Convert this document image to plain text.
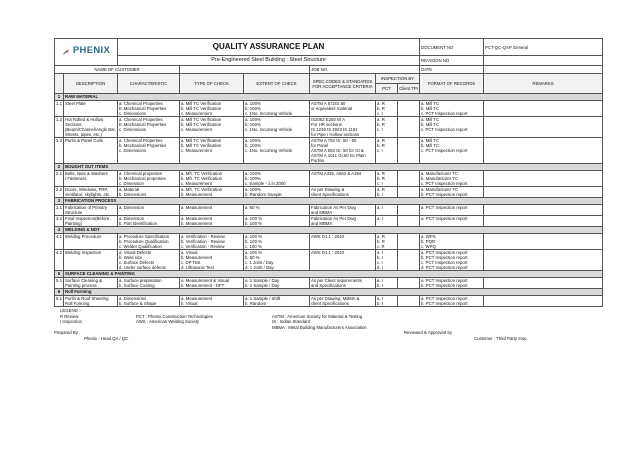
PHENIX		QUALITY ASSURANCE PLAN						DOCUMENT NO	PCT-QC-QAP General
		Pre-Engineered Steel Building : Steel Structure						REVISION NO	
NAME OF CUSTOMER					JOB NO.			DATE	:
	DESCRIPTION	CHARACTERISTIC	TYPE OF CHECK	EXTENT OF CHECK	SPEC.CODES & STANDARDS FOR ACCEPTANCE CRITERIA	INSPECTION BY		FORMAT OF RECORDS	REMARKS
						PCT	Client TPI		
1	RAW MATERIAL								
1.1	Steel Plate	a. Chemical Properties
b. Mechanical Properties
c. Dimensions	a. Mill TC Verification
b. Mill TC Verification
c. Measurement	a. 100%
b. 100%
c. 1No. Incoming Vehicle	ASTM A 572Gr.50
or equivalent material	a. R
b. R
c. I		a. Mill TC
b. Mill TC
c. PCT Inspection report	
1.2	Hot Rolled & Hollow Sections
(Beam/Channel/Angle Bar, Sheets, pipes, etc.)	a. Chemical Properties
b. Mechanical Properties
c. Dimensions	a. Mill TC Verification
b. Mill TC Verification
c. Measurement	a. 100%
b. 100%
c. 1No. Incoming Vehicle	IS2062 E250 W A
For HR sections
IS 1239 IS 4923 IS 1161
for Pipe / Hollow sections	a. R
b. R
c. I		a. Mill TC
b. Mill TC
c. PCT Inspection report	
1.3	Purlin & Panel Coils	a. Chemical Properties
b. Mechanical Properties
c. Dimensions	a. Mill TC Verification
b. Mill TC Verification
c. Measurement	a. 100%
b. 100%
c. 1No. Incoming Vehicle	ASTM A 792 Gr. 50 - 60
for Panel
ASTM A 653 Gr. 50 for GI &
ASTM A 1011 Gr.50 for Plain
Purlins	a. R
b. R
c. I		a. Mill TC
b. Mill TC
c. PCT Inspection report	
2	BOUGHT OUT ITEMS								
2.1	Bolts, Nuts & Washers
/ Fasteners	a. Chemical properties
b. Mechanical properties
c. Dimension	a. Mfr. TC Verification
b. Mfr. TC Verification
c. Measurement	a. 100%
b. 100%
c. Sample - 1 in 2000	ASTM A325, A563 & A194	a. R
b. R
c. I		a. Manufacturer TC
b. Manufacturer TC
c. PCT Inspection report	
2.2	Doors, Windows, FRP, ventilator, skylights, etc.	a. Material
b. Dimensions	a. Mfr. TC Verification
b. Measurement	a. 100%
b. Random Sample	As per Drawing &
client Specifications	a. R
b. I		a. Manufacturer TC
b. PCT Inspection report	
3	FABRICATION PROCESS								
3.1	Fabrication of Primary Structure	a. Dimension	a. Measurement	a. 50 %	Fabrication As Per Dwg
and MBMA	a. I		a. PCT Inspection report	
3.2	Final Inspection(Before Painting)	a. Dimension
b. Part Identification	a. Measurement
b. Measurement	a. 100 %
b. 100 %	Fabrication As Per Dwg
and MBMA	a. I		a. PCT Inspection report	
4	WELDING & NDT								
4.1	Welding Procedure	a. Procedure Specification
b. Procedure Qualification
c. Welder Qualification	a. Verification - Review
b. Verification - Review
c. Verification - Review	a. 100 %
b. 100 %
c. 100 %	AWS D1.1 : 2010	a. R
b. R
c. R		a. WPS
b. PQR
c. WPQ	
4.2	Welding Inspection	a. Visual Defects
b. Weld size
c. Surface Defects
d. Under surface defects	a. Visual
b. Measurement
c. DP Test
d. Ultrasonic Test	a. 100 %
b. 50 %
c. 1 Joint / Day
d. 1 Joint / Day	AWS D1.1 : 2010	a. I
b. I
c. I
d. I		a. PCT Inspection report
b. PCT Inspection report
c. PCT Inspection report
d. PCT Inspection report	
5	SURFACE CLEANING & PAINTING								
5.1	Surface Cleaning &
Painting process	a. Surface preparation
b. Surface Coating	a. Measurement & Visual
b. Measurement - DFT	a. 1 Sample / Day
b. 1 Sample / Day	As per Client requirements
and Specifications	a. I
b. I		a. PCT Inspection report
b. PCT Inspection report	
6	Roll Forming								
6.1	Purlin & Roof Sheeting
Roll Forming	a. Dimensions
b. Surface & Shape	a. Measurement
b. Visual	a. 1 Sample / Shift
b. Random	As per Drawing, MBMA &
client Specifications	a. I
b. I		a. PCT Inspection report
b. PCT Inspection report	
LEGEND :-
R Review	PCT : Phenix Construction Technologies	ASTM : American Society for Material & Testing
I Inspection	AWS : American Welding Society	IS : Indian Standard
MBMA : Metal Building Manufacturers Association
Prepared By	Reviewed & Approved by
Phenix : Head QA / QC	Customer : Third Party Insp.
